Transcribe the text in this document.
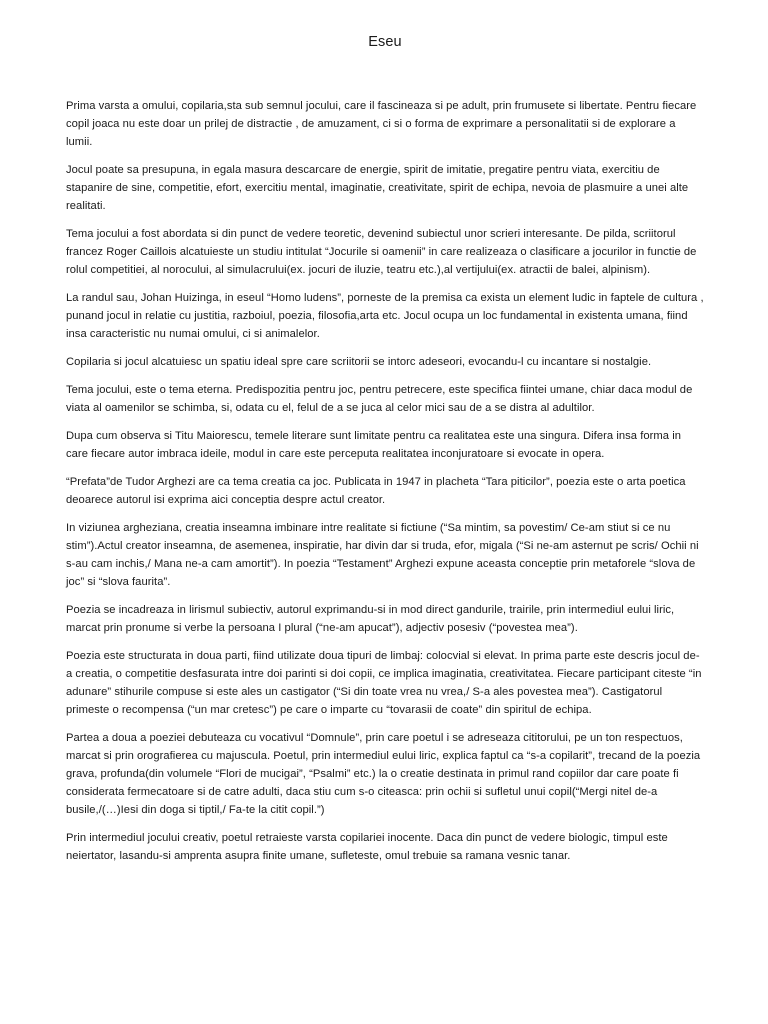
Eseu

Prima varsta a omului, copilaria,sta sub semnul jocului, care il fascineaza si pe adult, prin frumusete si libertate. Pentru fiecare copil joaca nu este doar un prilej de distractie , de amuzament, ci si o forma de exprimare a personalitatii si de explorare a lumii.

Jocul poate sa presupuna, in egala masura descarcare de energie, spirit de imitatie, pregatire pentru viata, exercitiu de stapanire de sine, competitie, efort, exercitiu mental, imaginatie, creativitate, spirit de echipa, nevoia de plasmuire a unei alte realitati.

Tema jocului a fost abordata si din punct de vedere teoretic, devenind subiectul unor scrieri interesante. De pilda, scriitorul francez Roger Caillois alcatuieste un studiu intitulat “Jocurile si oamenii” in care realizeaza o clasificare a jocurilor in functie de rolul competitiei, al norocului, al simulacrului(ex. jocuri de iluzie, teatru etc.),al vertijului(ex. atractii de balei, alpinism).

La randul sau, Johan Huizinga, in eseul “Homo ludens”, porneste de la premisa ca exista un element ludic in faptele de cultura , punand jocul in relatie cu justitia, razboiul, poezia, filosofia,arta etc. Jocul ocupa un loc fundamental in existenta umana, fiind insa caracteristic nu numai omului, ci si animalelor.

Copilaria si jocul alcatuiesc un spatiu ideal spre care scriitorii se intorc adeseori, evocandu-l cu incantare si nostalgie.

Tema jocului, este o tema eterna. Predispozitia pentru joc, pentru petrecere, este specifica fiintei umane, chiar daca modul de viata al oamenilor se schimba, si, odata cu el, felul de a se juca al celor mici sau de a se distra al adultilor.

Dupa cum observa si Titu Maiorescu, temele literare sunt limitate pentru ca realitatea este una singura. Difera insa forma in care fiecare autor imbraca ideile, modul in care este perceputa realitatea inconjuratoare si evocate in opera.

“Prefata”de Tudor Arghezi are ca tema creatia ca joc. Publicata in 1947 in placheta “Tara piticilor”, poezia este o arta poetica deoarece autorul isi exprima aici conceptia despre actul creator.

In viziunea argheziana, creatia inseamna imbinare intre realitate si fictiune (“Sa mintim, sa povestim/ Ce-am stiut si ce nu stim”).Actul creator inseamna, de asemenea, inspiratie, har divin dar si truda, efor, migala (“Si ne-am asternut pe scris/ Ochii ni s-au cam inchis,/ Mana ne-a cam amortit”). In poezia “Testament” Arghezi expune aceasta conceptie prin metaforele “slova de joc” si “slova faurita”.

Poezia se incadreaza in lirismul subiectiv, autorul exprimandu-si in mod direct gandurile, trairile, prin intermediul eului liric, marcat prin pronume si verbe la persoana I plural (“ne-am apucat”), adjectiv posesiv (“povestea mea”).

Poezia este structurata in doua parti, fiind utilizate doua tipuri de limbaj: colocvial si elevat. In prima parte este descris jocul de-a creatia, o competitie desfasurata intre doi parinti si doi copii, ce implica imaginatia, creativitatea. Fiecare participant citeste “in adunare” stihurile compuse si este ales un castigator (“Si din toate vrea nu vrea,/ S-a ales povestea mea”). Castigatorul primeste o recompensa (“un mar cretesc”) pe care o imparte cu “tovarasii de coate” din spiritul de echipa.

Partea a doua a poeziei debuteaza cu vocativul “Domnule”, prin care poetul i se adreseaza cititorului, pe un ton respectuos, marcat si prin orografierea cu majuscula. Poetul, prin intermediul eului liric, explica faptul ca “s-a copilarit”, trecand de la poezia grava, profunda(din volumele “Flori de mucigai”, “Psalmi” etc.) la o creatie destinata in primul rand copiilor dar care poate fi considerata fermecatoare si de catre adulti, daca stiu cum s-o citeasca: prin ochii si sufletul unui copil(“Mergi nitel de-a busile,/(…)Iesi din doga si tiptil,/ Fa-te la citit copil.”)

Prin intermediul jocului creativ, poetul retraieste varsta copilariei inocente. Daca din punct de vedere biologic, timpul este neiertator, lasandu-si amprenta asupra finite umane, sufleteste, omul trebuie sa ramana vesnic tanar.
